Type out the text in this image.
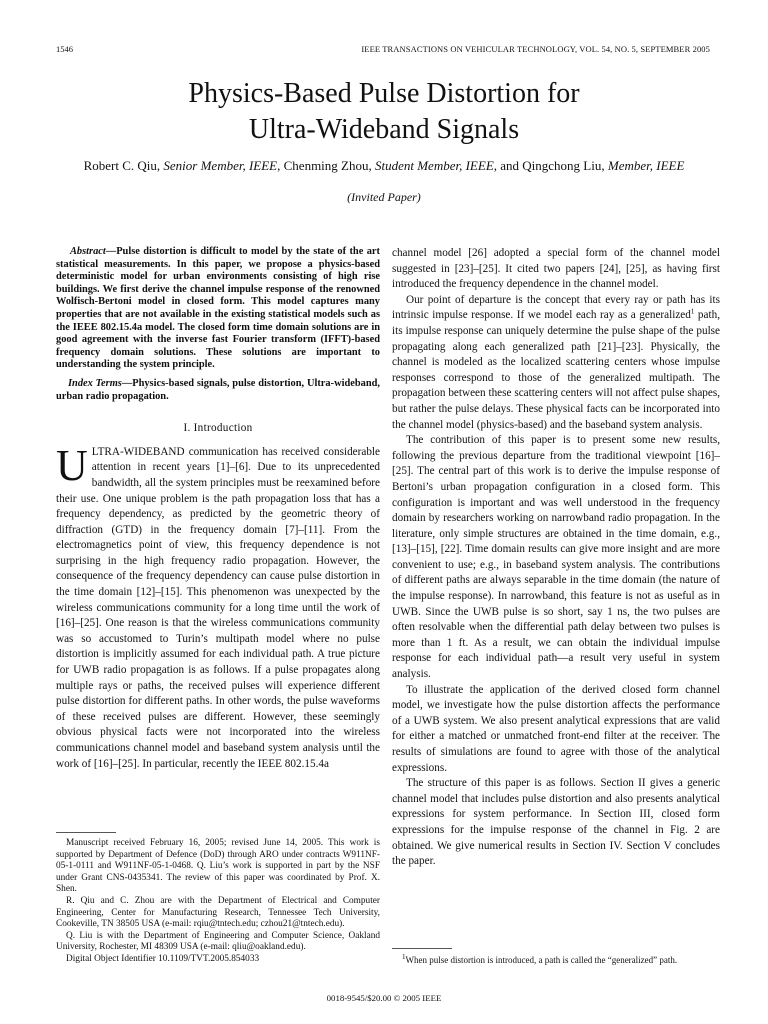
1546	IEEE TRANSACTIONS ON VEHICULAR TECHNOLOGY, VOL. 54, NO. 5, SEPTEMBER 2005
Physics-Based Pulse Distortion for
Ultra-Wideband Signals
Robert C. Qiu, Senior Member, IEEE, Chenming Zhou, Student Member, IEEE, and Qingchong Liu, Member, IEEE
(Invited Paper)

Abstract—Pulse distortion is difficult to model by the state of the art statistical measurements. In this paper, we propose a physics-based deterministic model for urban environments consisting of high rise buildings. We first derive the channel impulse response of the renowned Wolfisch-Bertoni model in closed form. This model captures many properties that are not available in the existing statistical models such as the IEEE 802.15.4a model. The closed form time domain solutions are in good agreement with the inverse fast Fourier transform (IFFT)-based frequency domain solutions. These solutions are important to understanding the system principle.

Index Terms—Physics-based signals, pulse distortion, Ultra-wideband, urban radio propagation.

I. Introduction

ULTRA-WIDEBAND communication has received considerable attention in recent years [1]–[6]. Due to its unprecedented bandwidth, all the system principles must be reexamined before their use. One unique problem is the path propagation loss that has a frequency dependency, as predicted by the geometric theory of diffraction (GTD) in the frequency domain [7]–[11]. From the electromagnetics point of view, this frequency dependence is not surprising in the high frequency radio propagation. However, the consequence of the frequency dependency can cause pulse distortion in the time domain [12]–[15]. This phenomenon was unexpected by the wireless communications community for a long time until the work of [16]–[25]. One reason is that the wireless communications community was so accustomed to Turin’s multipath model where no pulse distortion is implicitly assumed for each individual path. A true picture for UWB radio propagation is as follows. If a pulse propagates along multiple rays or paths, the received pulses will experience different pulse distortion for different paths. In other words, the pulse waveforms of these received pulses are different. However, these seemingly obvious physical facts were not incorporated into the wireless communications channel model and baseband system analysis until the work of [16]–[25]. In particular, recently the IEEE 802.15.4a

channel model [26] adopted a special form of the channel model suggested in [23]–[25]. It cited two papers [24], [25], as having first introduced the frequency dependence in the channel model.

Our point of departure is the concept that every ray or path has its intrinsic impulse response. If we model each ray as a generalized$^1$ path, its impulse response can uniquely determine the pulse shape of the pulse propagating along each generalized path [21]–[23]. Physically, the channel is modeled as the localized scattering centers whose impulse responses correspond to those of the generalized multipath. The propagation between these scattering centers will not affect pulse shapes, but rather the pulse delays. These physical facts can be incorporated into the channel model (physics-based) and the baseband system analysis.

The contribution of this paper is to present some new results, following the previous departure from the traditional viewpoint [16]–[25]. The central part of this work is to derive the impulse response of Bertoni’s urban propagation configuration in a closed form. This configuration is important and was well understood in the frequency domain by researchers working on narrowband radio propagation. In the literature, only simple structures are obtained in the time domain, e.g., [13]–[15], [22]. Time domain results can give more insight and are more convenient to use; e.g., in baseband system analysis. The contributions of different paths are always separable in the time domain (the nature of the impulse response). In narrowband, this feature is not as useful as in UWB. Since the UWB pulse is so short, say 1 ns, the two pulses are often resolvable when the differential path delay between two pulses is more than 1 ft. As a result, we can obtain the individual impulse response for each individual path—a result very useful in system analysis.

To illustrate the application of the derived closed form channel model, we investigate how the pulse distortion affects the performance of a UWB system. We also present analytical expressions that are valid for either a matched or unmatched front-end filter at the receiver. The results of simulations are found to agree with those of the analytical expressions.

The structure of this paper is as follows. Section II gives a generic channel model that includes pulse distortion and also presents analytical expressions for system performance. In Section III, closed form expressions for the impulse response of the channel in Fig. 2 are obtained. We give numerical results in Section IV. Section V concludes the paper.

Manuscript received February 16, 2005; revised June 14, 2005. This work is supported by Department of Defence (DoD) through ARO under contracts W911NF-05-1-0111 and W911NF-05-1-0468. Q. Liu’s work is supported in part by the NSF under Grant CNS-0435341. The review of this paper was coordinated by Prof. X. Shen.

R. Qiu and C. Zhou are with the Department of Electrical and Computer Engineering, Center for Manufacturing Research, Tennessee Tech University, Cookeville, TN 38505 USA (e-mail: rqiu@tntech.edu; czhou21@tntech.edu).

Q. Liu is with the Department of Engineering and Computer Science, Oakland University, Rochester, MI 48309 USA (e-mail: qliu@oakland.edu).

Digital Object Identifier 10.1109/TVT.2005.854033	$^1$When pulse distortion is introduced, a path is called the “generalized” path.
0018-9545/$20.00 © 2005 IEEE
